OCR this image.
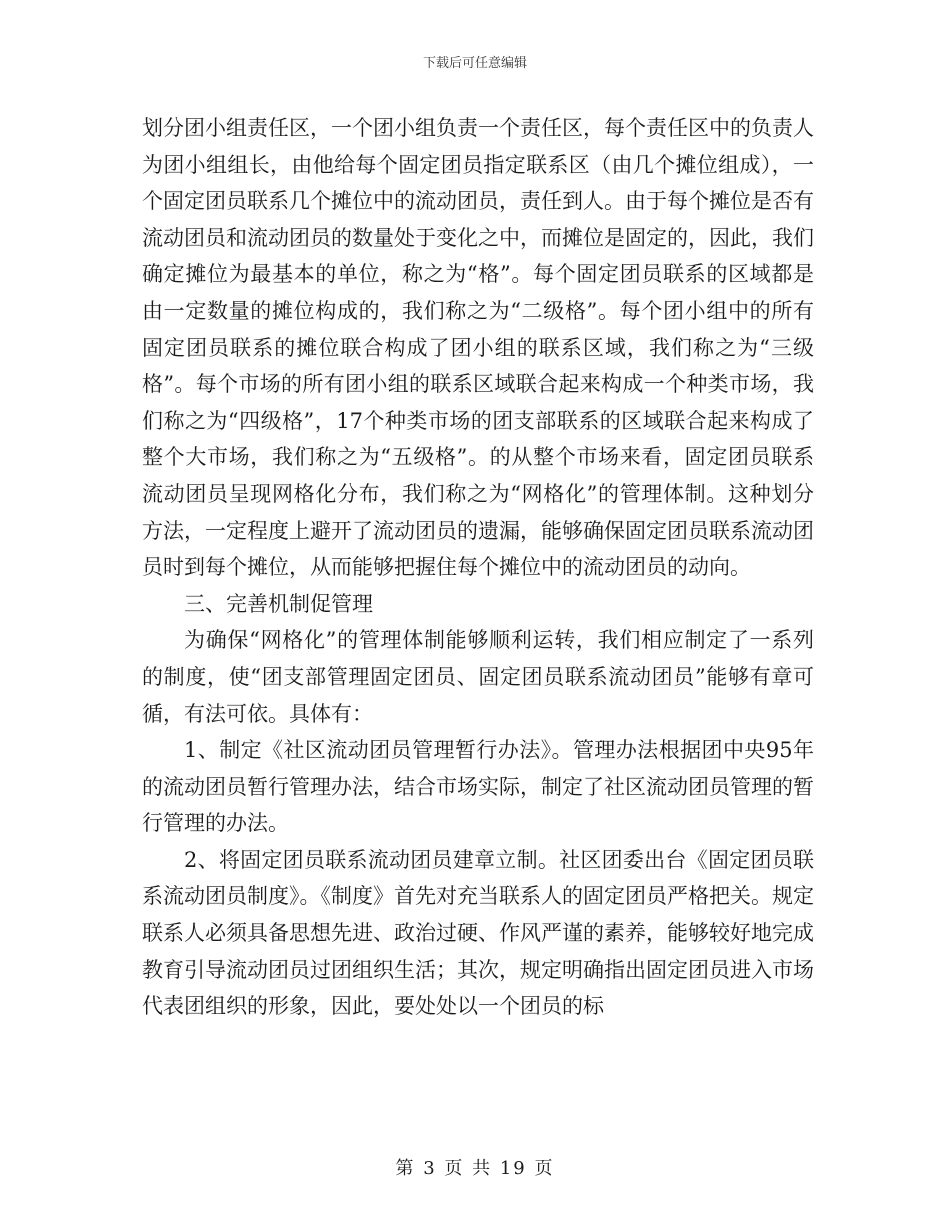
下载后可任意编辑

划分团小组责任区，一个团小组负责一个责任区，每个责任区中的负责人为团小组组长，由他给每个固定团员指定联系区（由几个摊位组成），一个固定团员联系几个摊位中的流动团员，责任到人。由于每个摊位是否有流动团员和流动团员的数量处于变化之中，而摊位是固定的，因此，我们确定摊位为最基本的单位，称之为“格”。每个固定团员联系的区域都是由一定数量的摊位构成的，我们称之为“二级格”。每个团小组中的所有固定团员联系的摊位联合构成了团小组的联系区域，我们称之为“三级格”。每个市场的所有团小组的联系区域联合起来构成一个种类市场，我们称之为“四级格”，17个种类市场的团支部联系的区域联合起来构成了整个大市场，我们称之为“五级格”。的从整个市场来看，固定团员联系流动团员呈现网格化分布，我们称之为“网格化”的管理体制。这种划分方法，一定程度上避开了流动团员的遗漏，能够确保固定团员联系流动团员时到每个摊位，从而能够把握住每个摊位中的流动团员的动向。

三、完善机制促管理

为确保“网格化”的管理体制能够顺利运转，我们相应制定了一系列的制度，使“团支部管理固定团员、固定团员联系流动团员”能够有章可循，有法可依。具体有：

1、制定《社区流动团员管理暂行办法》。管理办法根据团中央95年的流动团员暂行管理办法，结合市场实际，制定了社区流动团员管理的暂行管理的办法。

2、将固定团员联系流动团员建章立制。社区团委出台《固定团员联系流动团员制度》。《制度》首先对充当联系人的固定团员严格把关。规定联系人必须具备思想先进、政治过硬、作风严谨的素养，能够较好地完成教育引导流动团员过团组织生活；其次，规定明确指出固定团员进入市场代表团组织的形象，因此，要处处以一个团员的标

第 3 页 共 19 页
